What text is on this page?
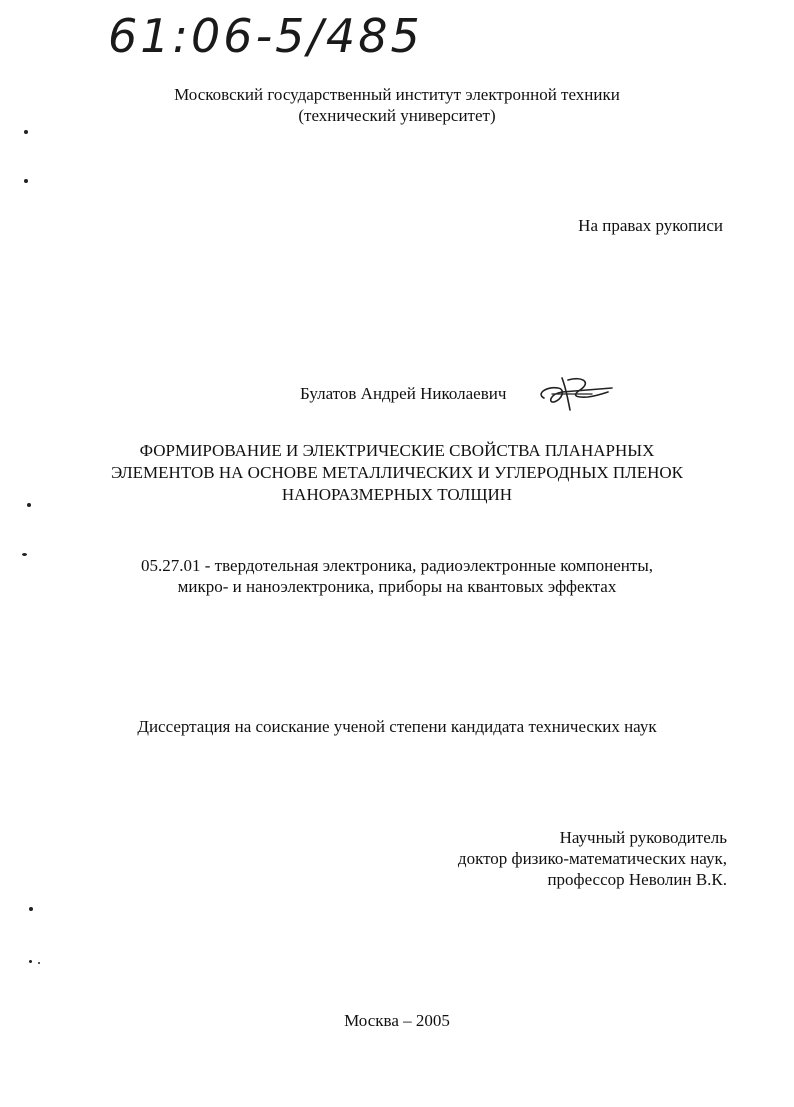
61:06-5/485
Московский государственный институт электронной техники
(технический университет)
На правах рукописи
Булатов Андрей Николаевич
ФОРМИРОВАНИЕ И ЭЛЕКТРИЧЕСКИЕ СВОЙСТВА ПЛАНАРНЫХ
ЭЛЕМЕНТОВ НА ОСНОВЕ МЕТАЛЛИЧЕСКИХ И УГЛЕРОДНЫХ ПЛЕНОК
НАНОРАЗМЕРНЫХ ТОЛЩИН
05.27.01 - твердотельная электроника, радиоэлектронные компоненты,
микро- и наноэлектроника, приборы на квантовых эффектах
Диссертация на соискание ученой степени кандидата технических наук
Научный руководитель
доктор физико-математических наук,
профессор Неволин В.К.
Москва – 2005
